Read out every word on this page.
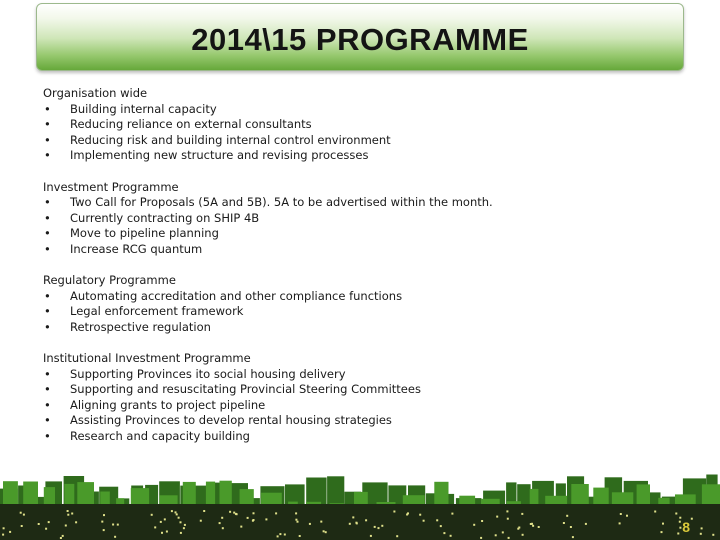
2014\15 PROGRAMME

Organisation wide

• Building internal capacity
• Reducing reliance on external consultants
• Reducing risk and building internal control environment
• Implementing new structure and revising processes

Investment Programme

• Two Call for Proposals (5A and 5B). 5A to be advertised within the month.
• Currently contracting on SHIP 4B
• Move to pipeline planning
• Increase RCG quantum

Regulatory Programme

• Automating accreditation and other compliance functions
• Legal enforcement framework
• Retrospective regulation

Institutional Investment Programme

• Supporting Provinces ito social housing delivery
• Supporting and resuscitating Provincial Steering Committees
• Aligning grants to project pipeline
• Assisting Provinces to develop rental housing strategies
• Research and capacity building
8
